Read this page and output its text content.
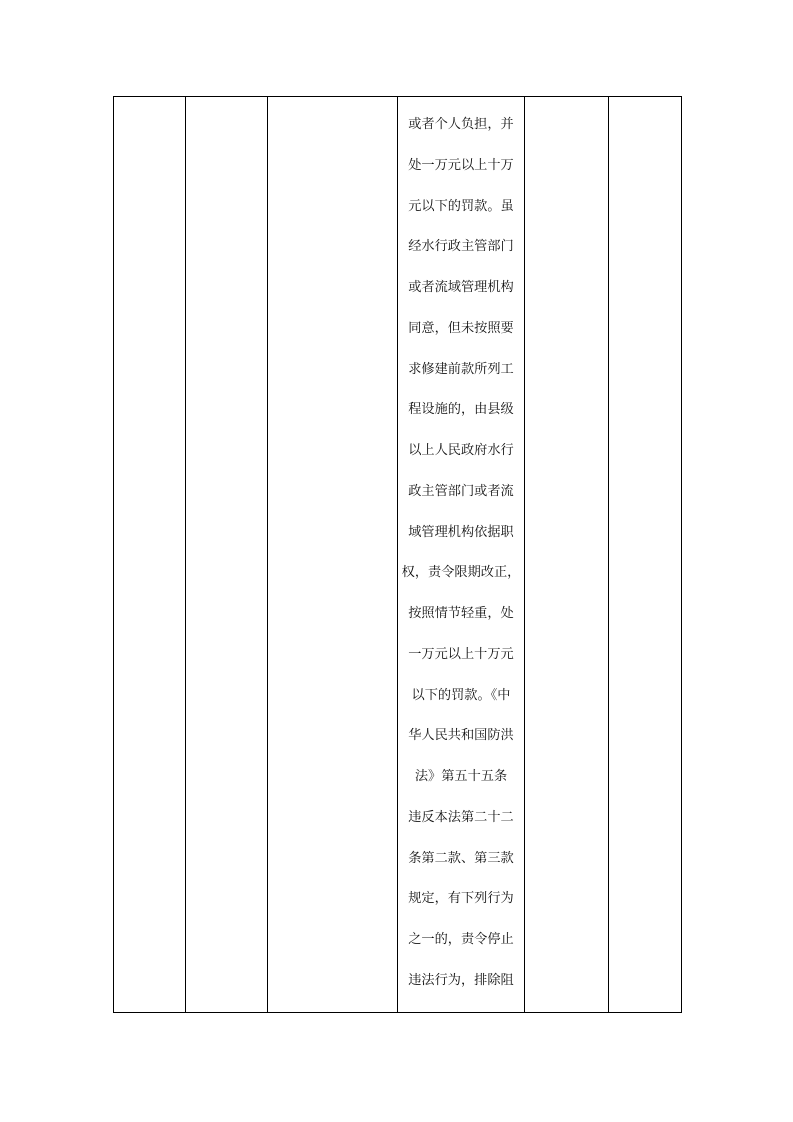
或者个人负担，并
处一万元以上十万
元以下的罚款。虽
经水行政主管部门
或者流域管理机构
同意，但未按照要
求修建前款所列工
程设施的，由县级
以上人民政府水行
政主管部门或者流
域管理机构依据职
权，责令限期改正，
按照情节轻重，处
一万元以上十万元
以下的罚款。《中
华人民共和国防洪
法》第五十五条
违反本法第二十二
条第二款、第三款
规定，有下列行为
之一的，责令停止
违法行为，排除阻
